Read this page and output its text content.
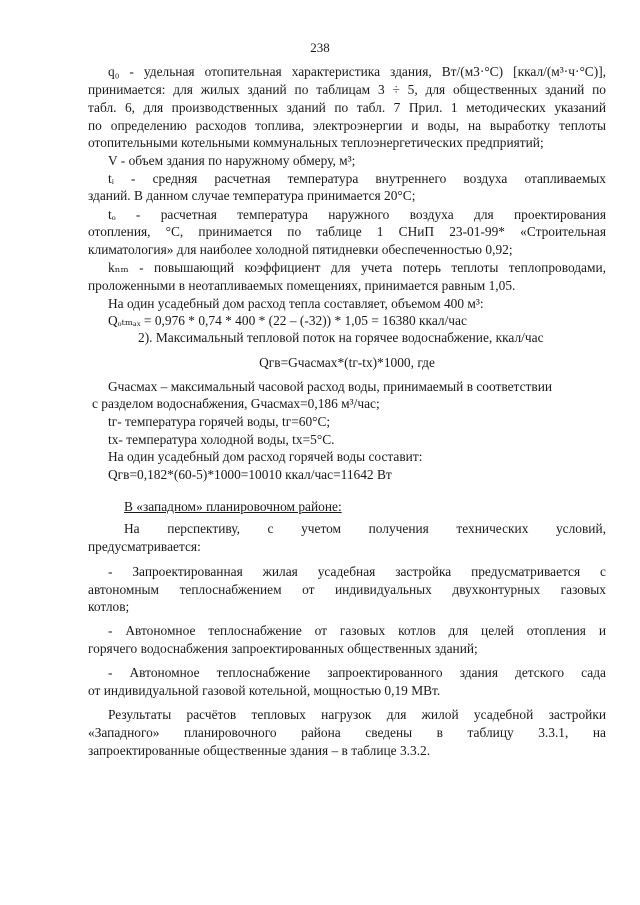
238

q₀ - удельная отопительная характеристика здания, Вт/(м3·°С) [ккал/(м³·ч·°С)],

принимается: для жилых зданий по таблицам 3 ÷ 5, для общественных зданий по

табл. 6, для производственных зданий по табл. 7 Прил. 1 методических указаний

по определению расходов топлива, электроэнергии и воды, на выработку теплоты

отопительными котельными коммунальных теплоэнергетических предприятий;

V - объем здания по наружному обмеру, м³;

tᵢ - средняя расчетная температура внутреннего воздуха отапливаемых

зданий. В данном случае температура принимается 20°С;

tₒ - расчетная температура наружного воздуха для проектирования

отопления, °С, принимается по таблице 1 СНиП 23-01-99* «Строительная

климатология» для наиболее холодной пятидневки обеспеченностью 0,92;

kₙₘ - повышающий коэффициент для учета потерь теплоты теплопроводами,

проложенными в неотапливаемых помещениях, принимается равным 1,05.

На один усадебный дом расход тепла составляет, объемом 400 м³:

Qₒₜₘₐₓ = 0,976 * 0,74 * 400 * (22 – (-32)) * 1,05 = 16380 ккал/час

2). Максимальный тепловой поток на горячее водоснабжение, ккал/час

Qгв=Gчасмах*(tг-tх)*1000, где

Gчасмах – максимальный часовой расход воды, принимаемый в соответствии

с разделом водоснабжения, Gчасмах=0,186 м³/час;

tг- температура горячей воды, tг=60°С;

tх- температура холодной воды, tх=5°С.

На один усадебный дом расход горячей воды составит:

Qгв=0,182*(60-5)*1000=10010 ккал/час=11642 Вт

В «западном» планировочном районе:

На перспективу, с учетом получения технических условий,

предусматривается:

- Запроектированная жилая усадебная застройка предусматривается с

автономным теплоснабжением от индивидуальных двухконтурных газовых

котлов;

- Автономное теплоснабжение от газовых котлов для целей отопления и

горячего водоснабжения запроектированных общественных зданий;

- Автономное теплоснабжение запроектированного здания детского сада

от индивидуальной газовой котельной, мощностью 0,19 МВт.

Результаты расчётов тепловых нагрузок для жилой усадебной застройки

«Западного» планировочного района сведены в таблицу 3.3.1, на

запроектированные общественные здания – в таблице 3.3.2.
